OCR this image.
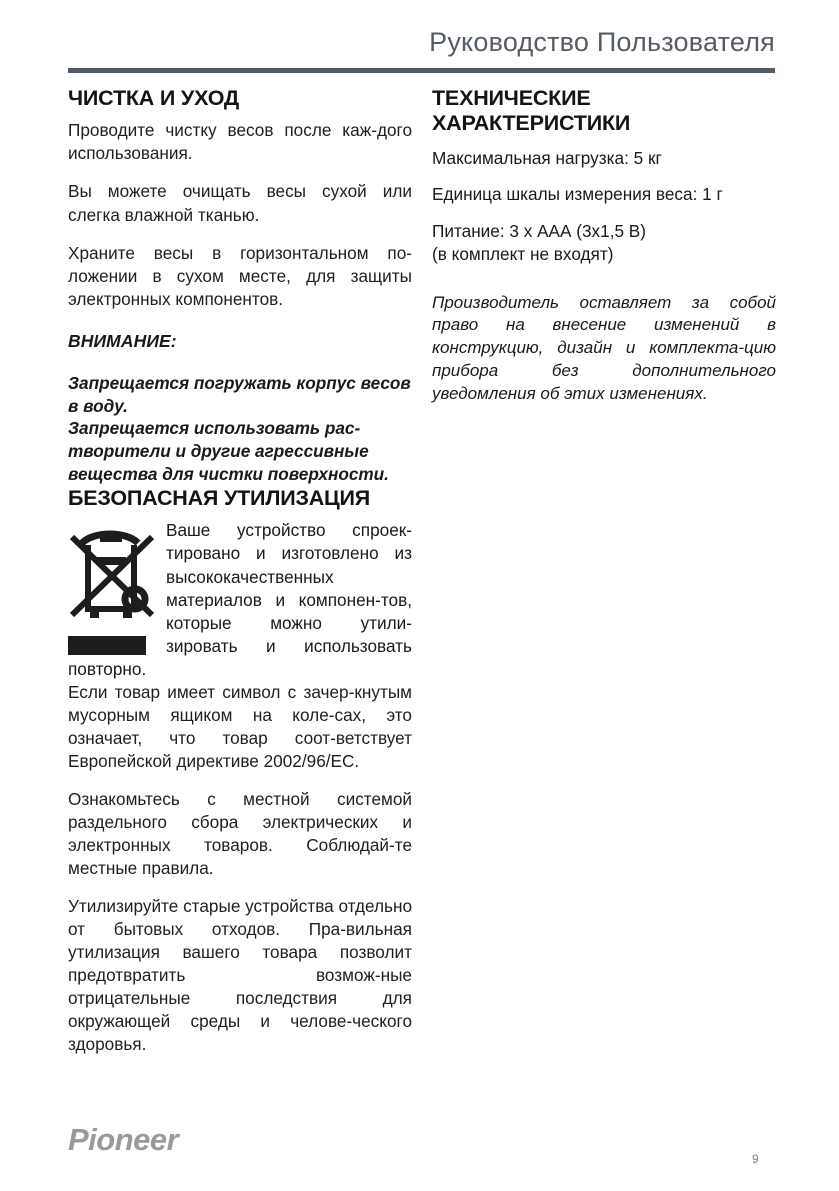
Руководство Пользователя
ЧИСТКА И УХОД

Проводите чистку весов после каж-дого использования.

Вы можете очищать весы сухой или слегка влажной тканью.

Храните весы в горизонтальном по-ложении в сухом месте, для защиты электронных компонентов.

ВНИМАНИЕ:

Запрещается погружать корпус весов в воду.

Запрещается использовать рас-творители и другие агрессивные вещества для чистки поверхности.

БЕЗОПАСНАЯ УТИЛИЗАЦИЯ

Ваше устройство спроек-тировано и изготовлено из высококачественных материалов и компонен-тов, которые можно утили-зировать и использовать повторно.

Если товар имеет символ с зачер-кнутым мусорным ящиком на коле-сах, это означает, что товар соот-ветствует Европейской директиве 2002/96/EC.

Ознакомьтесь с местной системой раздельного сбора электрических и электронных товаров. Соблюдай-те местные правила.

Утилизируйте старые устройства отдельно от бытовых отходов. Пра-вильная утилизация вашего товара позволит предотвратить возмож-ные отрицательные последствия для окружающей среды и челове-ческого здоровья.

ТЕХНИЧЕСКИЕ
ХАРАКТЕРИСТИКИ

Максимальная нагрузка: 5 кг

Единица шкалы измерения веса: 1 г

Питание: 3 х ААА (3x1,5 В)

(в комплект не входят)

Производитель оставляет за собой право на внесение изменений в конструкцию, дизайн и комплекта-цию прибора без дополнительного уведомления об этих изменениях.

Pioneer
9
